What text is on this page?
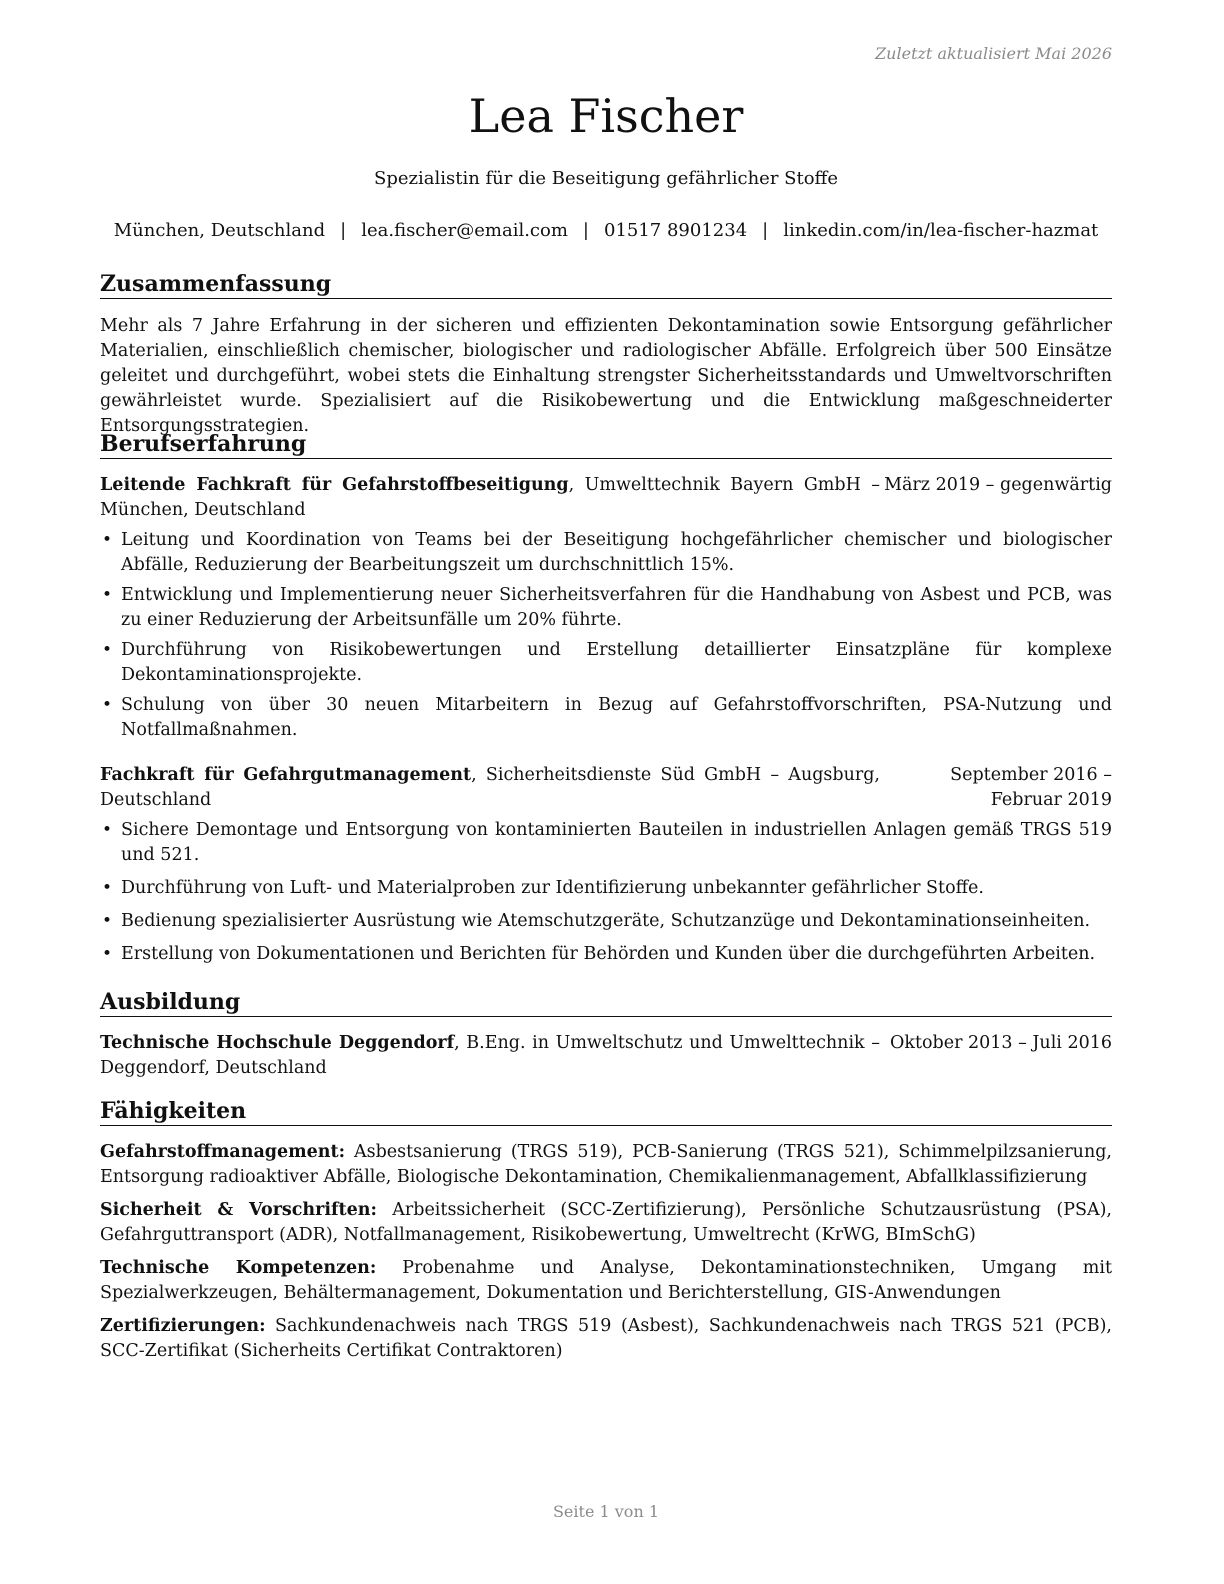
Zuletzt aktualisiert Mai 2026
Lea Fischer
Spezialistin für die Beseitigung gefährlicher Stoffe
München, Deutschland | lea.fischer@email.com | 01517 8901234 | linkedin.com/in/lea-fischer-hazmat
Zusammenfassung
Mehr als 7 Jahre Erfahrung in der sicheren und effizienten Dekontamination sowie Entsorgung gefährlicher Materialien, einschließlich chemischer, biologischer und radiologischer Abfälle. Erfolgreich über 500 Einsätze geleitet und durchgeführt, wobei stets die Einhaltung strengster Sicherheitsstandards und Umweltvorschriften gewährleistet wurde. Spezialisiert auf die Risikobewertung und die Entwicklung maßgeschneiderter Entsorgungsstrategien.
Berufserfahrung
Leitende Fachkraft für Gefahrstoffbeseitigung, Umwelttechnik Bayern GmbH – München, Deutschland
März 2019 – gegenwärtig
• Leitung und Koordination von Teams bei der Beseitigung hochgefährlicher chemischer und biologischer Abfälle, Reduzierung der Bearbeitungszeit um durchschnittlich 15%.
• Entwicklung und Implementierung neuer Sicherheitsverfahren für die Handhabung von Asbest und PCB, was zu einer Reduzierung der Arbeitsunfälle um 20% führte.
• Durchführung von Risikobewertungen und Erstellung detaillierter Einsatzpläne für komplexe Dekontaminationsprojekte.
• Schulung von über 30 neuen Mitarbeitern in Bezug auf Gefahrstoffvorschriften, PSA-Nutzung und Notfallmaßnahmen.
Fachkraft für Gefahrgutmanagement, Sicherheitsdienste Süd GmbH – Augsburg, Deutschland
September 2016 – Februar 2019
• Sichere Demontage und Entsorgung von kontaminierten Bauteilen in industriellen Anlagen gemäß TRGS 519 und 521.
• Durchführung von Luft- und Materialproben zur Identifizierung unbekannter gefährlicher Stoffe.
• Bedienung spezialisierter Ausrüstung wie Atemschutzgeräte, Schutzanzüge und Dekontaminationseinheiten.
• Erstellung von Dokumentationen und Berichten für Behörden und Kunden über die durchgeführten Arbeiten.
Ausbildung
Technische Hochschule Deggendorf, B.Eng. in Umweltschutz und Umwelttechnik – Deggendorf, Deutschland
Oktober 2013 – Juli 2016
Fähigkeiten
Gefahrstoffmanagement: Asbestsanierung (TRGS 519), PCB-Sanierung (TRGS 521), Schimmelpilzsanierung, Entsorgung radioaktiver Abfälle, Biologische Dekontamination, Chemikalienmanagement, Abfallklassifizierung
Sicherheit & Vorschriften: Arbeitssicherheit (SCC-Zertifizierung), Persönliche Schutzausrüstung (PSA), Gefahrguttransport (ADR), Notfallmanagement, Risikobewertung, Umweltrecht (KrWG, BImSchG)
Technische Kompetenzen: Probenahme und Analyse, Dekontaminationstechniken, Umgang mit Spezialwerkzeugen, Behältermanagement, Dokumentation und Berichterstellung, GIS-Anwendungen
Zertifizierungen: Sachkundenachweis nach TRGS 519 (Asbest), Sachkundenachweis nach TRGS 521 (PCB), SCC-Zertifikat (Sicherheits Certifikat Contraktoren)
Seite 1 von 1
